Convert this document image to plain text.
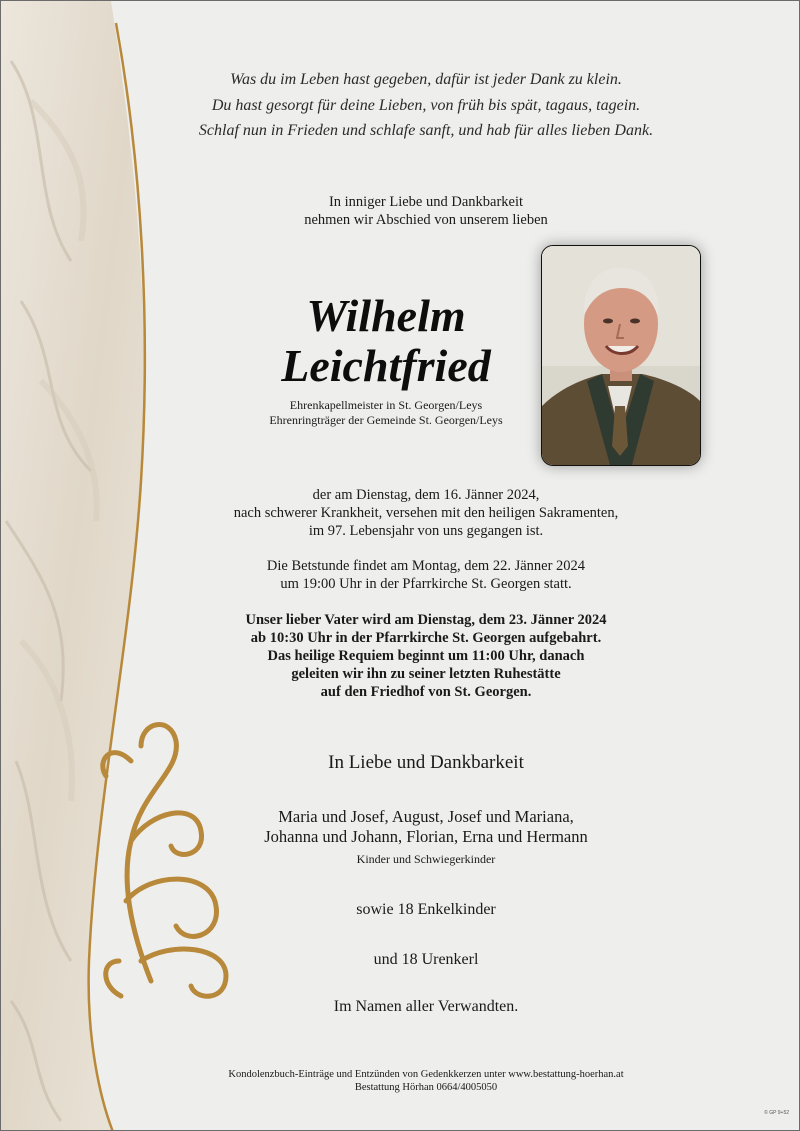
Was du im Leben hast gegeben, dafür ist jeder Dank zu klein.
Du hast gesorgt für deine Lieben, von früh bis spät, tagaus, tagein.
Schlaf nun in Frieden und schlafe sanft, und hab für alles lieben Dank.
In inniger Liebe und Dankbarkeit
nehmen wir Abschied von unserem lieben
Wilhelm
Leichtfried
Ehrenkapellmeister in St. Georgen/Leys
Ehrenringträger der Gemeinde St. Georgen/Leys
der am Dienstag, dem 16. Jänner 2024,
nach schwerer Krankheit, versehen mit den heiligen Sakramenten,
im 97. Lebensjahr von uns gegangen ist.
Die Betstunde findet am Montag, dem 22. Jänner 2024
um 19:00 Uhr in der Pfarrkirche St. Georgen statt.
Unser lieber Vater wird am Dienstag, dem 23. Jänner 2024
ab 10:30 Uhr in der Pfarrkirche St. Georgen aufgebahrt.
Das heilige Requiem beginnt um 11:00 Uhr, danach
geleiten wir ihn zu seiner letzten Ruhestätte
auf den Friedhof von St. Georgen.
In Liebe und Dankbarkeit
Maria und Josef, August, Josef und Mariana,
Johanna und Johann, Florian, Erna und Hermann
Kinder und Schwiegerkinder
sowie 18 Enkelkinder
und 18 Urenkerl
Im Namen aller Verwandten.
Kondolenzbuch-Einträge und Entzünden von Gedenkkerzen unter www.bestattung-hoerhan.at
Bestattung Hörhan 0664/4005050
© GP 9+52
